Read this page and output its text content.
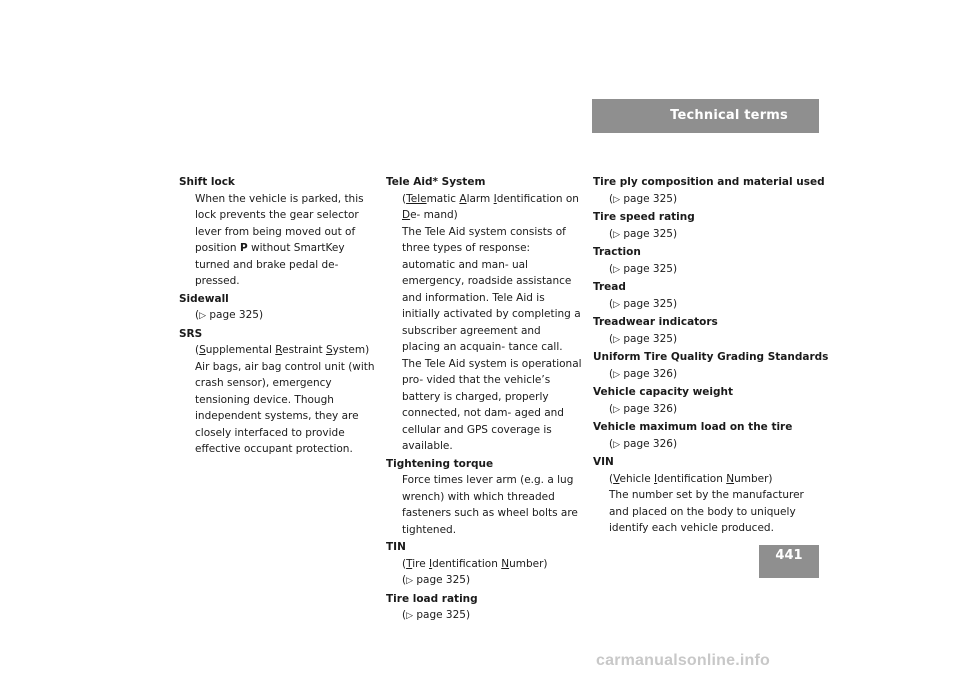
Technical terms
Shift lock

When the vehicle is parked, this lock prevents the gear selector lever from being moved out of position P without SmartKey turned and brake pedal de- pressed.

Sidewall
(▷ page 325)
SRS

(Supplemental Restraint System)

Air bags, air bag control unit (with crash sensor), emergency tensioning device. Though independent systems, they are closely interfaced to provide effective occupant protection.

Tele Aid* System

(Telematic Alarm Identification on De- mand)

The Tele Aid system consists of three types of response: automatic and man- ual emergency, roadside assistance and information. Tele Aid is initially activated by completing a subscriber agreement and placing an acquain- tance call.

The Tele Aid system is operational pro- vided that the vehicle’s battery is charged, properly connected, not dam- aged and cellular and GPS coverage is available.

Tightening torque

Force times lever arm (e.g. a lug wrench) with which threaded fasteners such as wheel bolts are tightened.

TIN

(Tire Identification Number)

(▷ page 325)

Tire load rating
(▷ page 325)
Tire ply composition and material used
(▷ page 325)
Tire speed rating
(▷ page 325)
Traction
(▷ page 325)
Tread
(▷ page 325)
Treadwear indicators
(▷ page 325)
Uniform Tire Quality Grading Standards
(▷ page 326)
Vehicle capacity weight
(▷ page 326)
Vehicle maximum load on the tire
(▷ page 326)
VIN

(Vehicle Identification Number)

The number set by the manufacturer and placed on the body to uniquely identify each vehicle produced.

441
carmanualsonline.info
